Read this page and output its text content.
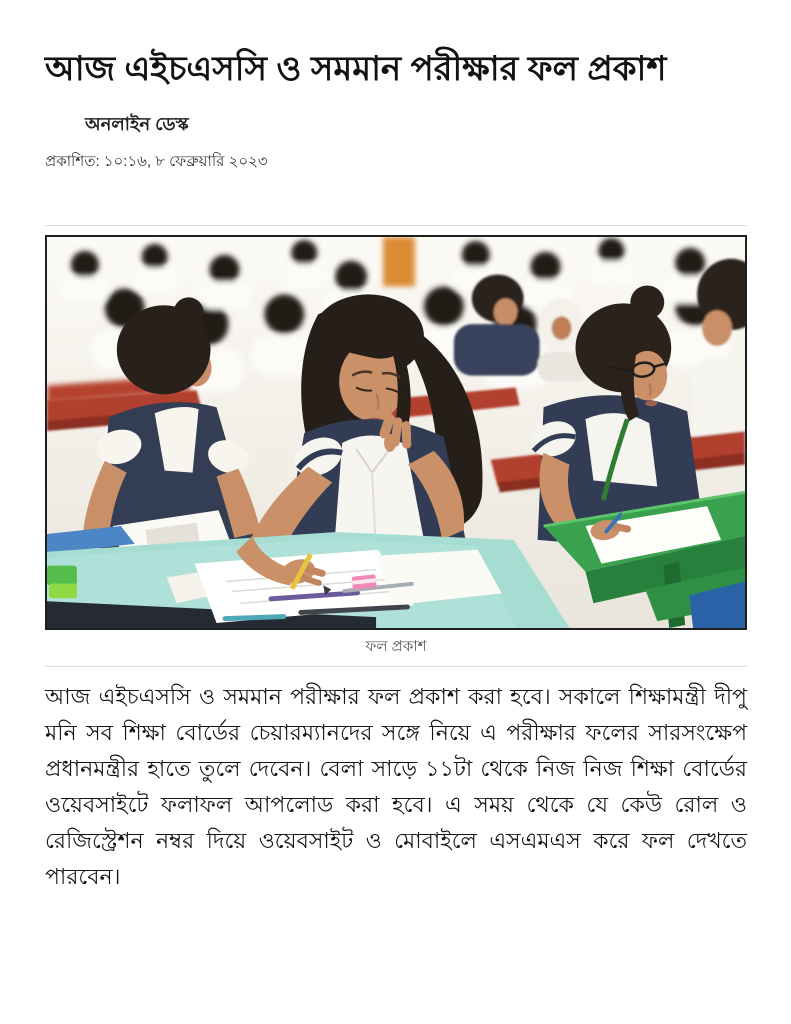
আজ এইচএসসি ও সমমান পরীক্ষার ফল প্রকাশ
অনলাইন ডেস্ক
প্রকাশিত: ১০:১৬, ৮ ফেব্রুয়ারি ২০২৩
ফল প্রকাশ

আজ এইচএসসি ও সমমান পরীক্ষার ফল প্রকাশ করা হবে। সকালে শিক্ষামন্ত্রী দীপু মনি সব শিক্ষা বোর্ডের চেয়ারম্যানদের সঙ্গে নিয়ে এ পরীক্ষার ফলের সারসংক্ষেপ প্রধানমন্ত্রীর হাতে তুলে দেবেন। বেলা সাড়ে ১১টা থেকে নিজ নিজ শিক্ষা বোর্ডের ওয়েবসাইটে ফলাফল আপলোড করা হবে। এ সময় থেকে যে কেউ রোল ও রেজিস্ট্রেশন নম্বর দিয়ে ওয়েবসাইট ও মোবাইলে এসএমএস করে ফল দেখতে পারবেন।
